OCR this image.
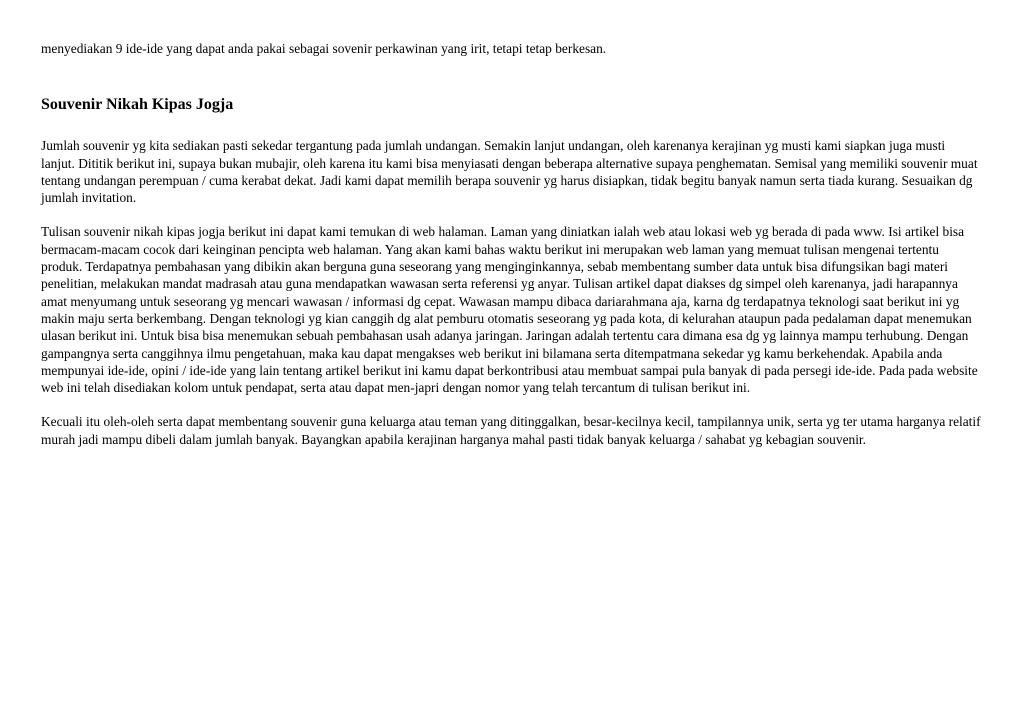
menyediakan 9 ide-ide yang dapat anda pakai sebagai sovenir perkawinan yang irit, tetapi tetap berkesan.

Souvenir Nikah Kipas Jogja

Jumlah souvenir yg kita sediakan pasti sekedar tergantung pada jumlah undangan. Semakin lanjut undangan, oleh karenanya kerajinan yg musti kami siapkan juga musti lanjut. Dititik berikut ini, supaya bukan mubajir, oleh karena itu kami bisa menyiasati dengan beberapa alternative supaya penghematan. Semisal yang memiliki souvenir muat tentang undangan perempuan / cuma kerabat dekat. Jadi kami dapat memilih berapa souvenir yg harus disiapkan, tidak begitu banyak namun serta tiada kurang. Sesuaikan dg jumlah invitation.

Tulisan souvenir nikah kipas jogja berikut ini dapat kami temukan di web halaman. Laman yang diniatkan ialah web atau lokasi web yg berada di pada www. Isi artikel bisa bermacam-macam cocok dari keinginan pencipta web halaman. Yang akan kami bahas waktu berikut ini merupakan web laman yang memuat tulisan mengenai tertentu produk. Terdapatnya pembahasan yang dibikin akan berguna guna seseorang yang menginginkannya, sebab membentang sumber data untuk bisa difungsikan bagi materi penelitian, melakukan mandat madrasah atau guna mendapatkan wawasan serta referensi yg anyar. Tulisan artikel dapat diakses dg simpel oleh karenanya, jadi harapannya amat menyumang untuk seseorang yg mencari wawasan / informasi dg cepat. Wawasan mampu dibaca dariarahmana aja, karna dg terdapatnya teknologi saat berikut ini yg makin maju serta berkembang. Dengan teknologi yg kian canggih dg alat pemburu otomatis seseorang yg pada kota, di kelurahan ataupun pada pedalaman dapat menemukan ulasan berikut ini. Untuk bisa bisa menemukan sebuah pembahasan usah adanya jaringan. Jaringan adalah tertentu cara dimana esa dg yg lainnya mampu terhubung. Dengan gampangnya serta canggihnya ilmu pengetahuan, maka kau dapat mengakses web berikut ini bilamana serta ditempatmana sekedar yg kamu berkehendak. Apabila anda mempunyai ide-ide, opini / ide-ide yang lain tentang artikel berikut ini kamu dapat berkontribusi atau membuat sampai pula banyak di pada persegi ide-ide. Pada pada website web ini telah disediakan kolom untuk pendapat, serta atau dapat men-japri dengan nomor yang telah tercantum di tulisan berikut ini.

Kecuali itu oleh-oleh serta dapat membentang souvenir guna keluarga atau teman yang ditinggalkan, besar-kecilnya kecil, tampilannya unik, serta yg ter utama harganya relatif murah jadi mampu dibeli dalam jumlah banyak. Bayangkan apabila kerajinan harganya mahal pasti tidak banyak keluarga / sahabat yg kebagian souvenir.
